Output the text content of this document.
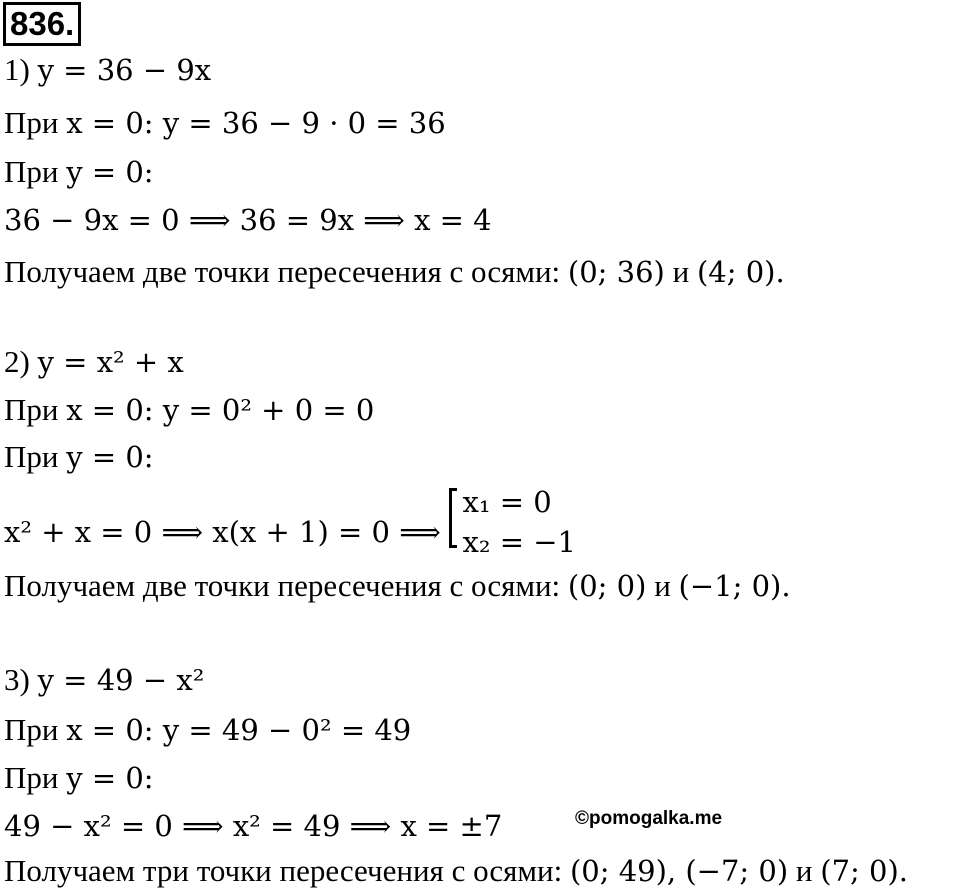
836.
1) y = 36 − 9x
При x = 0: y = 36 − 9 · 0 = 36
При y = 0:
36 − 9x = 0 ⟹ 36 = 9x ⟹ x = 4
Получаем две точки пересечения с осями: (0; 36) и (4; 0).
2) y = x² + x
При x = 0: y = 0² + 0 = 0
При y = 0:
x² + x = 0 ⟹ x(x + 1) = 0 ⟹
x₁ = 0
x₂ = −1
Получаем две точки пересечения с осями: (0; 0) и (−1; 0).
3) y = 49 − x²
При x = 0: y = 49 − 0² = 49
При y = 0:
49 − x² = 0 ⟹ x² = 49 ⟹ x = ±7
Получаем три точки пересечения с осями: (0; 49), (−7; 0) и (7; 0).
©pomogalka.me
